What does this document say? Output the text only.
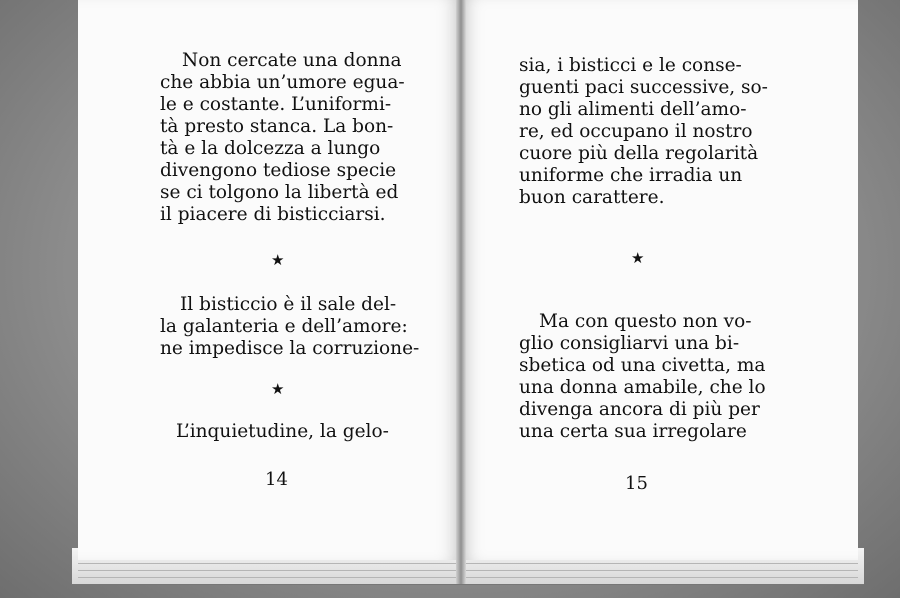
Non cercate una donna
che abbia un’umore egua-
le e costante. L’uniformi-
tà presto stanca. La bon-
tà e la dolcezza a lungo
divengono tediose specie
se ci tolgono la libertà ed
il piacere di bisticciarsi.
★
Il bisticcio è il sale del-
la galanteria e dell’amore:
ne impedisce la corruzione-
★
L’inquietudine, la gelo-
14
sia, i bisticci e le conse-
guenti paci successive, so-
no gli alimenti dell’amo-
re, ed occupano il nostro
cuore più della regolarità
uniforme che irradia un
buon carattere.
★
Ma con questo non vo-
glio consigliarvi una bi-
sbetica od una civetta, ma
una donna amabile, che lo
divenga ancora di più per
una certa sua irregolare
15
